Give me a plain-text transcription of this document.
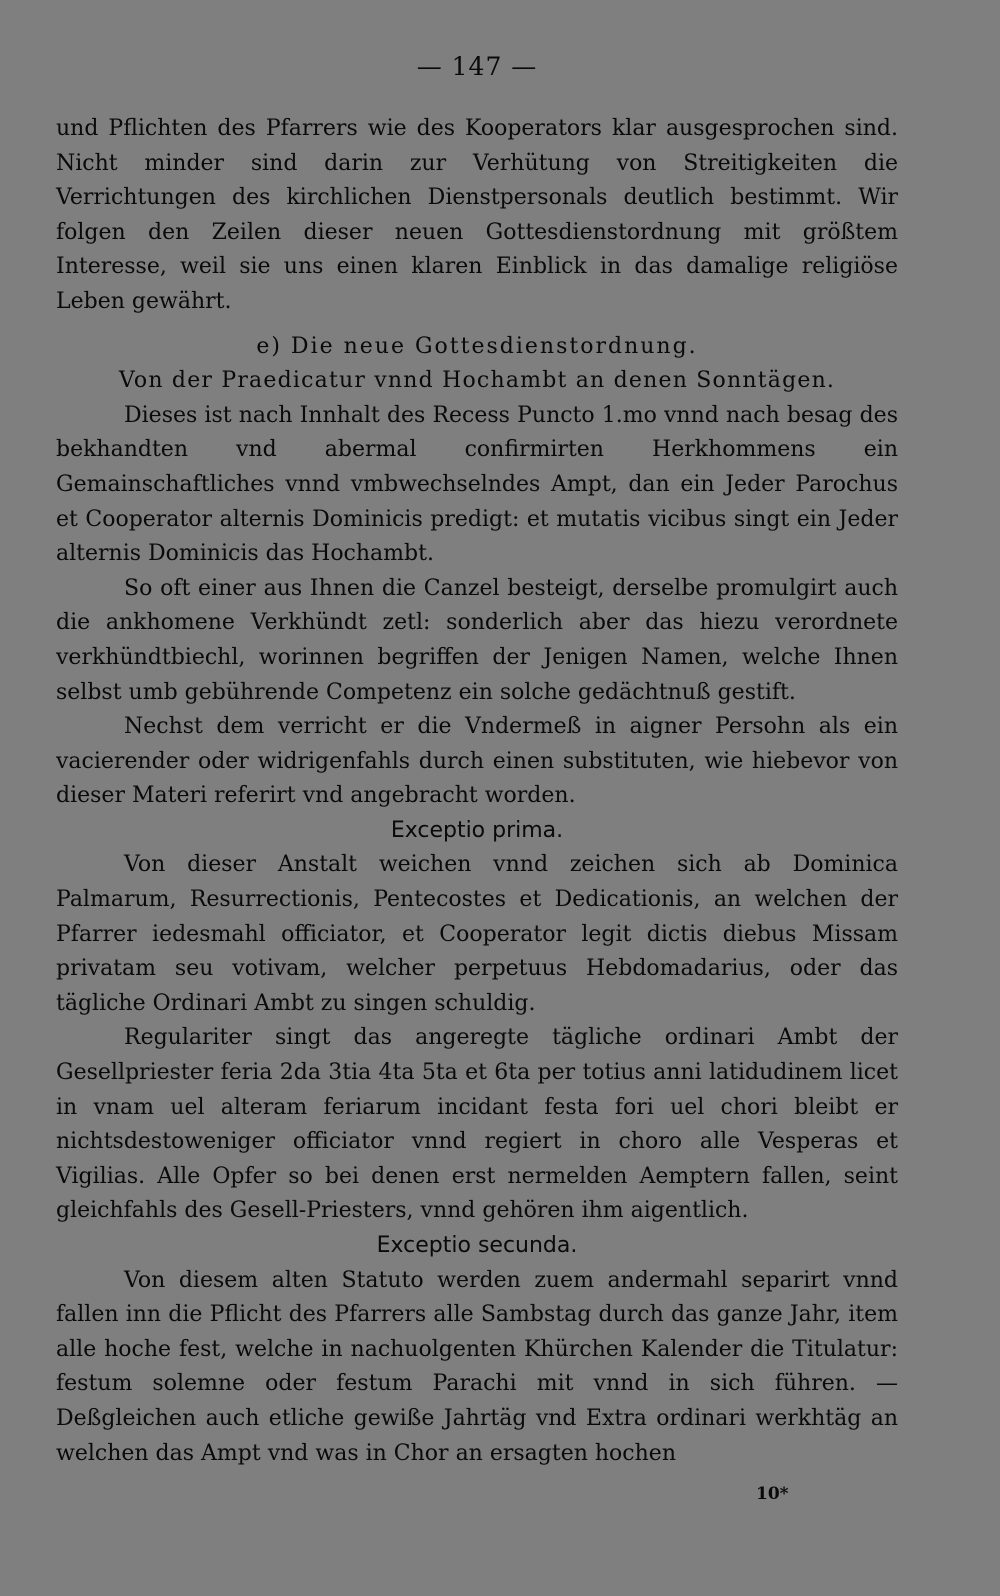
— 147 —

und Pflichten des Pfarrers wie des Kooperators klar ausgesprochen sind. Nicht minder sind darin zur Verhütung von Streitigkeiten die Verrichtungen des kirchlichen Dienstpersonals deutlich bestimmt. Wir folgen den Zeilen dieser neuen Gottesdienstordnung mit größtem Interesse, weil sie uns einen klaren Einblick in das damalige religiöse Leben gewährt.

e) Die neue Gottesdienstordnung.

Von der Praedicatur vnnd Hochambt an denen Sonntägen.

Dieses ist nach Innhalt des Recess Puncto 1.mo vnnd nach besag des bekhandten vnd abermal confirmirten Herkhommens ein Gemainschaftliches vnnd vmbwechselndes Ampt, dan ein Jeder Parochus et Cooperator alternis Dominicis predigt: et mutatis vicibus singt ein Jeder alternis Dominicis das Hochambt.

So oft einer aus Ihnen die Canzel besteigt, derselbe promulgirt auch die ankhomene Verkhündt zetl: sonderlich aber das hiezu verordnete verkhündtbiechl, worinnen begriffen der Jenigen Namen, welche Ihnen selbst umb gebührende Competenz ein solche gedächtnuß gestift.

Nechst dem verricht er die Vndermeß in aigner Persohn als ein vacierender oder widrigenfahls durch einen substituten, wie hiebevor von dieser Materi referirt vnd angebracht worden.

Exceptio prima.

Von dieser Anstalt weichen vnnd zeichen sich ab Dominica Palmarum, Resurrectionis, Pentecostes et Dedicationis, an welchen der Pfarrer iedesmahl officiator, et Cooperator legit dictis diebus Missam privatam seu votivam, welcher perpetuus Hebdomadarius, oder das tägliche Ordinari Ambt zu singen schuldig.

Regulariter singt das angeregte tägliche ordinari Ambt der Gesellpriester feria 2da 3tia 4ta 5ta et 6ta per totius anni latidudinem licet in vnam uel alteram feriarum incidant festa fori uel chori bleibt er nichtsdestoweniger officiator vnnd regiert in choro alle Vesperas et Vigilias. Alle Opfer so bei denen erst nermelden Aemptern fallen, seint gleichfahls des Gesell-Priesters, vnnd gehören ihm aigentlich.

Exceptio secunda.

Von diesem alten Statuto werden zuem andermahl separirt vnnd fallen inn die Pflicht des Pfarrers alle Sambstag durch das ganze Jahr, item alle hoche fest, welche in nachuolgenten Khürchen Kalender die Titulatur: festum solemne oder festum Parachi mit vnnd in sich führen. — Deßgleichen auch etliche gewiße Jahrtäg vnd Extra ordinari werkhtäg an welchen das Ampt vnd was in Chor an ersagten hochen

10*
